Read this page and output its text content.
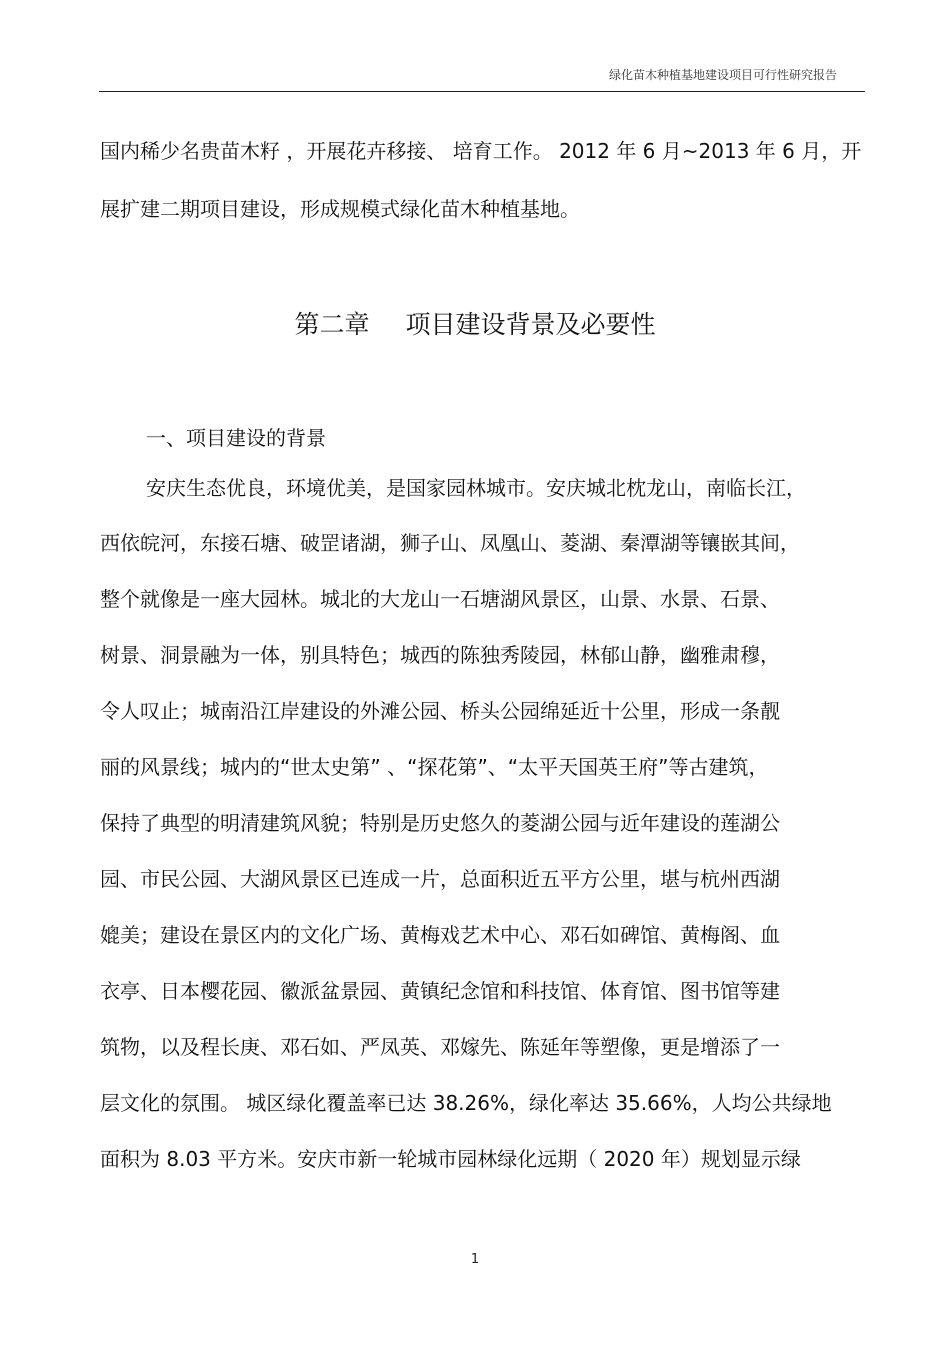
绿化苗木种植基地建设项目可行性研究报告
国内稀少名贵苗木籽 ，开展花卉移接、 培育工作。 2012 年 6 月~2013 年 6 月，开
展扩建二期项目建设，形成规模式绿化苗木种植基地。
第二章 项目建设背景及必要性
一、项目建设的背景
安庆生态优良，环境优美，是国家园林城市。安庆城北枕龙山，南临长江，
西依皖河，东接石塘、破罡诸湖，狮子山、凤凰山、菱湖、秦潭湖等镶嵌其间，
整个就像是一座大园林。城北的大龙山一石塘湖风景区，山景、水景、石景、
树景、洞景融为一体，别具特色；城西的陈独秀陵园，林郁山静，幽雅肃穆，
令人叹止；城南沿江岸建设的外滩公园、桥头公园绵延近十公里，形成一条靓
丽的风景线；城内的“世太史第” 、“探花第”、“太平天国英王府”等古建筑，
保持了典型的明清建筑风貌；特别是历史悠久的菱湖公园与近年建设的莲湖公
园、市民公园、大湖风景区已连成一片，总面积近五平方公里，堪与杭州西湖
媲美；建设在景区内的文化广场、黄梅戏艺术中心、邓石如碑馆、黄梅阁、血
衣亭、日本樱花园、徽派盆景园、黄镇纪念馆和科技馆、体育馆、图书馆等建
筑物，以及程长庚、邓石如、严凤英、邓嫁先、陈延年等塑像，更是增添了一
层文化的氛围。 城区绿化覆盖率已达 38.26%，绿化率达 35.66%，人均公共绿地
面积为 8.03 平方米。安庆市新一轮城市园林绿化远期（ 2020 年）规划显示绿
1
